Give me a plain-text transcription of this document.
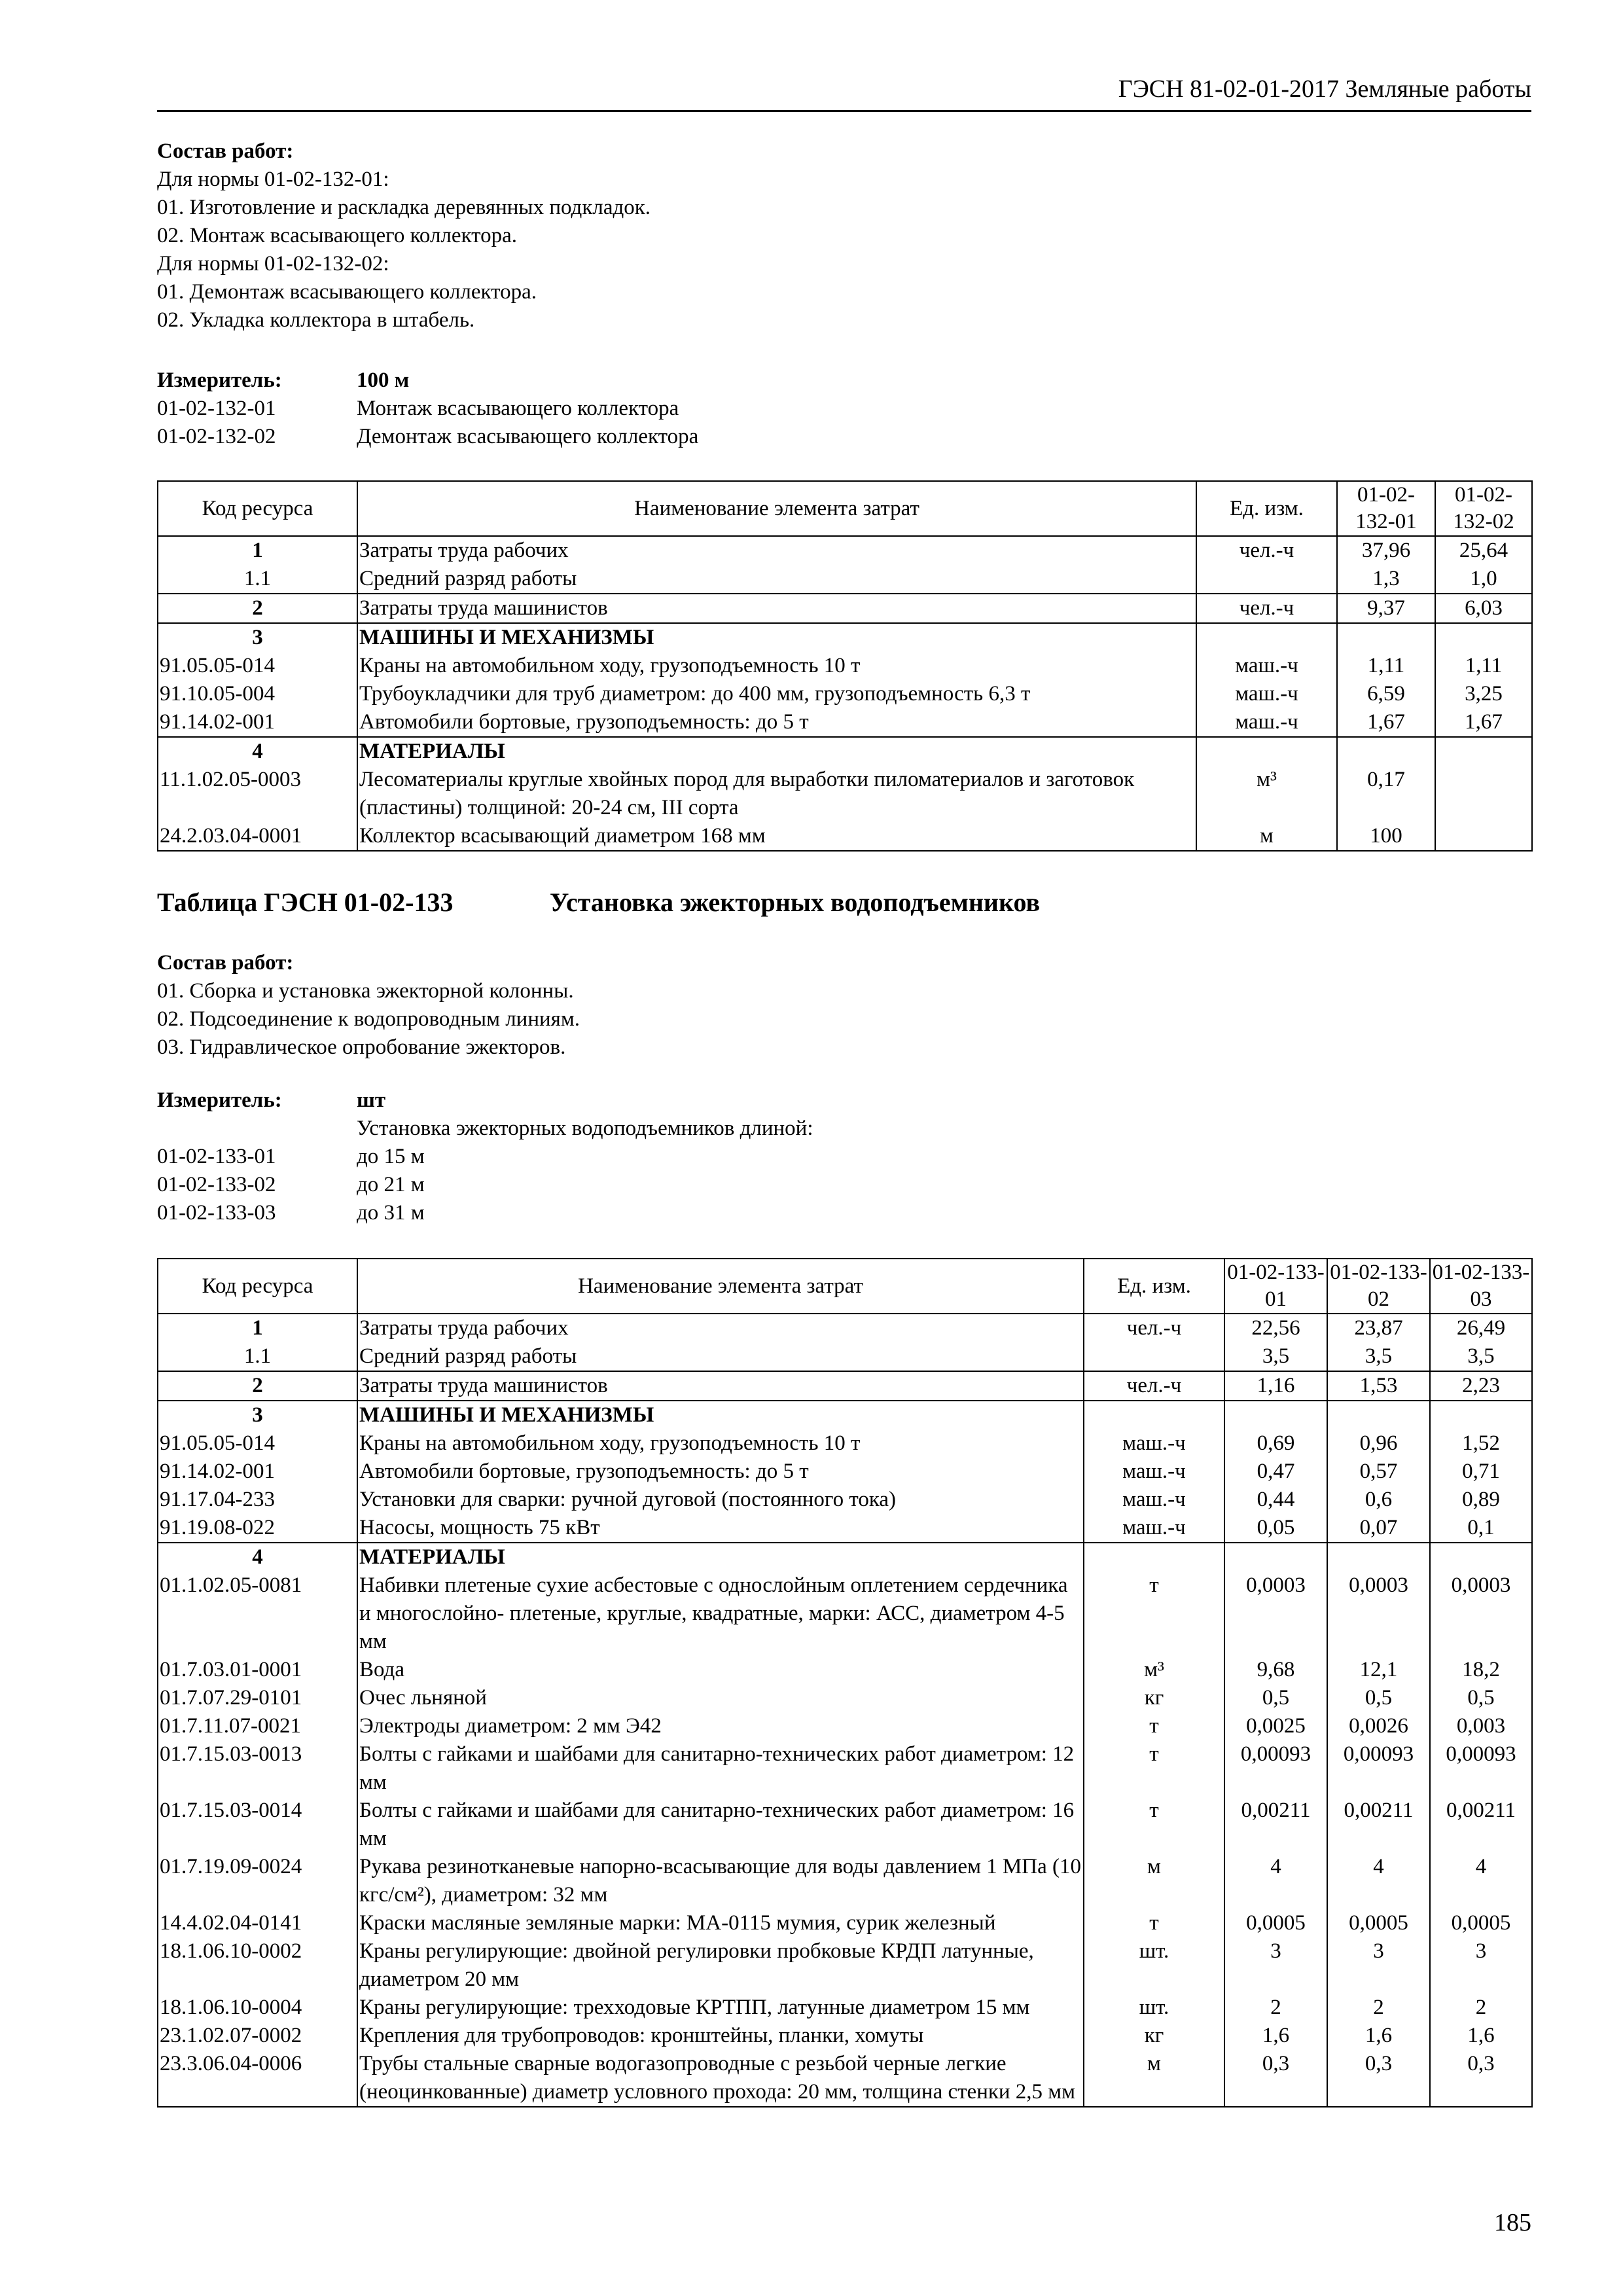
ГЭСН 81-02-01-2017 Земляные работы
Состав работ:
Для нормы 01-02-132-01:
01. Изготовление и раскладка деревянных подкладок.
02. Монтаж всасывающего коллектора.
Для нормы 01-02-132-02:
01. Демонтаж всасывающего коллектора.
02. Укладка коллектора в штабель.
Измеритель:	100 м
01-02-132-01	Монтаж всасывающего коллектора
01-02-132-02	Демонтаж всасывающего коллектора
Код ресурса	Наименование элемента затрат	Ед. изм.	01-02-132-01	01-02-132-02
1	Затраты труда рабочих	чел.-ч	37,96	25,64
1.1	Средний разряд работы		1,3	1,0
2	Затраты труда машинистов	чел.-ч	9,37	6,03
3	МАШИНЫ И МЕХАНИЗМЫ			
91.05.05-014	Краны на автомобильном ходу, грузоподъемность 10 т	маш.-ч	1,11	1,11
91.10.05-004	Трубоукладчики для труб диаметром: до 400 мм, грузоподъемность 6,3 т	маш.-ч	6,59	3,25
91.14.02-001	Автомобили бортовые, грузоподъемность: до 5 т	маш.-ч	1,67	1,67
4	МАТЕРИАЛЫ			
11.1.02.05-0003	Лесоматериалы круглые хвойных пород для выработки пиломатериалов и заготовок (пластины) толщиной: 20-24 см, III сорта	м³	0,17	
24.2.03.04-0001	Коллектор всасывающий диаметром 168 мм	м	100	
Таблица ГЭСН 01-02-133	Установка эжекторных водоподъемников
Состав работ:
01. Сборка и установка эжекторной колонны.
02. Подсоединение к водопроводным линиям.
03. Гидравлическое опробование эжекторов.
Измеритель:	шт
Установка эжекторных водоподъемников длиной:
01-02-133-01	до 15 м
01-02-133-02	до 21 м
01-02-133-03	до 31 м
Код ресурса	Наименование элемента затрат	Ед. изм.	01-02-133-01	01-02-133-02	01-02-133-03
1	Затраты труда рабочих	чел.-ч	22,56	23,87	26,49
1.1	Средний разряд работы		3,5	3,5	3,5
2	Затраты труда машинистов	чел.-ч	1,16	1,53	2,23
3	МАШИНЫ И МЕХАНИЗМЫ				
91.05.05-014	Краны на автомобильном ходу, грузоподъемность 10 т	маш.-ч	0,69	0,96	1,52
91.14.02-001	Автомобили бортовые, грузоподъемность: до 5 т	маш.-ч	0,47	0,57	0,71
91.17.04-233	Установки для сварки: ручной дуговой (постоянного тока)	маш.-ч	0,44	0,6	0,89
91.19.08-022	Насосы, мощность 75 кВт	маш.-ч	0,05	0,07	0,1
4	МАТЕРИАЛЫ				
01.1.02.05-0081	Набивки плетеные сухие асбестовые с однослойным оплетением сердечника и многослойно- плетеные, круглые, квадратные, марки: АСС, диаметром 4-5 мм	т	0,0003	0,0003	0,0003
01.7.03.01-0001	Вода	м³	9,68	12,1	18,2
01.7.07.29-0101	Очес льняной	кг	0,5	0,5	0,5
01.7.11.07-0021	Электроды диаметром: 2 мм Э42	т	0,0025	0,0026	0,003
01.7.15.03-0013	Болты с гайками и шайбами для санитарно-технических работ диаметром: 12 мм	т	0,00093	0,00093	0,00093
01.7.15.03-0014	Болты с гайками и шайбами для санитарно-технических работ диаметром: 16 мм	т	0,00211	0,00211	0,00211
01.7.19.09-0024	Рукава резинотканевые напорно-всасывающие для воды давлением 1 МПа (10 кгс/см²), диаметром: 32 мм	м	4	4	4
14.4.02.04-0141	Краски масляные земляные марки: МА-0115 мумия, сурик железный	т	0,0005	0,0005	0,0005
18.1.06.10-0002	Краны регулирующие: двойной регулировки пробковые КРДП латунные, диаметром 20 мм	шт.	3	3	3
18.1.06.10-0004	Краны регулирующие: трехходовые КРТПП, латунные диаметром 15 мм	шт.	2	2	2
23.1.02.07-0002	Крепления для трубопроводов: кронштейны, планки, хомуты	кг	1,6	1,6	1,6
23.3.06.04-0006	Трубы стальные сварные водогазопроводные с резьбой черные легкие (неоцинкованные) диаметр условного прохода: 20 мм, толщина стенки 2,5 мм	м	0,3	0,3	0,3
185
